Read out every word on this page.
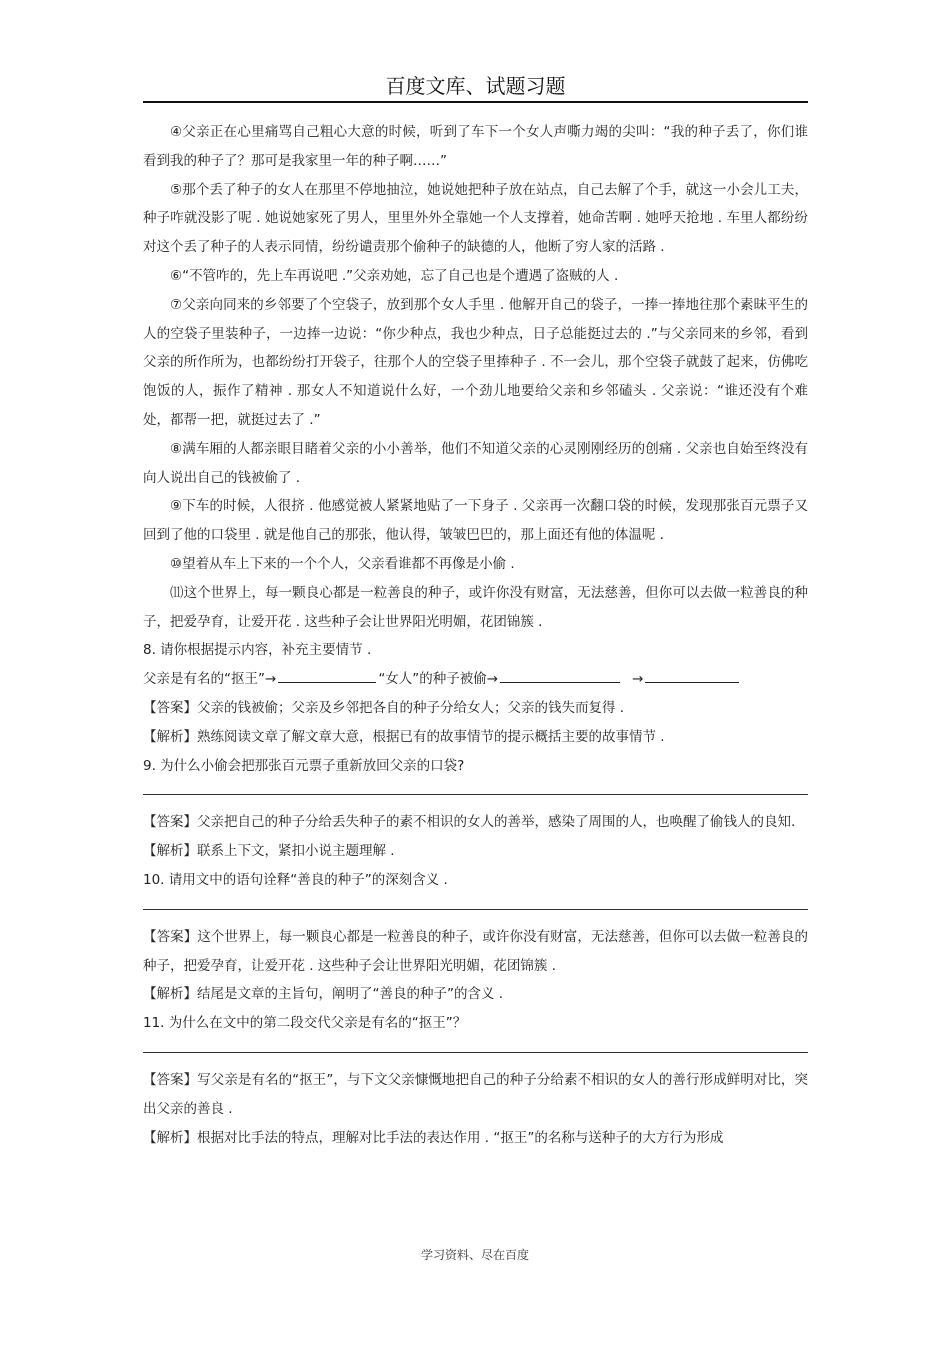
百度文库、试题习题

④父亲正在心里痛骂自己粗心大意的时候，听到了车下一个女人声嘶力竭的尖叫：“我的种子丢了，你们谁看到我的种子了？那可是我家里一年的种子啊……”

⑤那个丢了种子的女人在那里不停地抽泣，她说她把种子放在站点，自己去解了个手，就这一小会儿工夫，种子咋就没影了呢 . 她说她家死了男人，里里外外全靠她一个人支撑着，她命苦啊 . 她呼天抢地 . 车里人都纷纷对这个丢了种子的人表示同情，纷纷谴责那个偷种子的缺德的人，他断了穷人家的活路 .

⑥“不管咋的，先上车再说吧 .”父亲劝她，忘了自己也是个遭遇了盗贼的人 .

⑦父亲向同来的乡邻要了个空袋子，放到那个女人手里 . 他解开自己的袋子，一捧一捧地往那个素昧平生的人的空袋子里装种子，一边捧一边说：“你少种点，我也少种点，日子总能挺过去的 .”与父亲同来的乡邻，看到父亲的所作所为，也都纷纷打开袋子，往那个人的空袋子里捧种子 . 不一会儿，那个空袋子就鼓了起来，仿佛吃饱饭的人，振作了精神 . 那女人不知道说什么好，一个劲儿地要给父亲和乡邻磕头 . 父亲说：“谁还没有个难处，都帮一把，就挺过去了 .”

⑧满车厢的人都亲眼目睹着父亲的小小善举，他们不知道父亲的心灵刚刚经历的创痛 . 父亲也自始至终没有向人说出自己的钱被偷了 .

⑨下车的时候，人很挤 . 他感觉被人紧紧地贴了一下身子 . 父亲再一次翻口袋的时候，发现那张百元票子又回到了他的口袋里 . 就是他自己的那张，他认得，皱皱巴巴的，那上面还有他的体温呢 .

⑩望着从车上下来的一个个人，父亲看谁都不再像是小偷 .

⑾这个世界上，每一颗良心都是一粒善良的种子，或许你没有财富，无法慈善，但你可以去做一粒善良的种子，把爱孕育，让爱开花 . 这些种子会让世界阳光明媚，花团锦簇 .

8. 请你根据提示内容，补充主要情节 .

父亲是有名的“抠王”→	“女人”的种子被偷→	→

【答案】父亲的钱被偷；父亲及乡邻把各自的种子分给女人；父亲的钱失而复得 .

【解析】熟练阅读文章了解文章大意，根据已有的故事情节的提示概括主要的故事情节 .

9. 为什么小偷会把那张百元票子重新放回父亲的口袋?

【答案】父亲把自己的种子分给丢失种子的素不相识的女人的善举，感染了周围的人，也唤醒了偷钱人的良知.

【解析】联系上下文，紧扣小说主题理解 .

10. 请用文中的语句诠释“善良的种子”的深刻含义 .

【答案】这个世界上，每一颗良心都是一粒善良的种子，或许你没有财富，无法慈善，但你可以去做一粒善良的种子，把爱孕育，让爱开花 . 这些种子会让世界阳光明媚，花团锦簇 .

【解析】结尾是文章的主旨句，阐明了“善良的种子”的含义 .

11. 为什么在文中的第二段交代父亲是有名的“抠王”？

【答案】写父亲是有名的“抠王”，与下文父亲慷慨地把自己的种子分给素不相识的女人的善行形成鲜明对比，突出父亲的善良 .

【解析】根据对比手法的特点，理解对比手法的表达作用 . “抠王”的名称与送种子的大方行为形成

学习资料、尽在百度
